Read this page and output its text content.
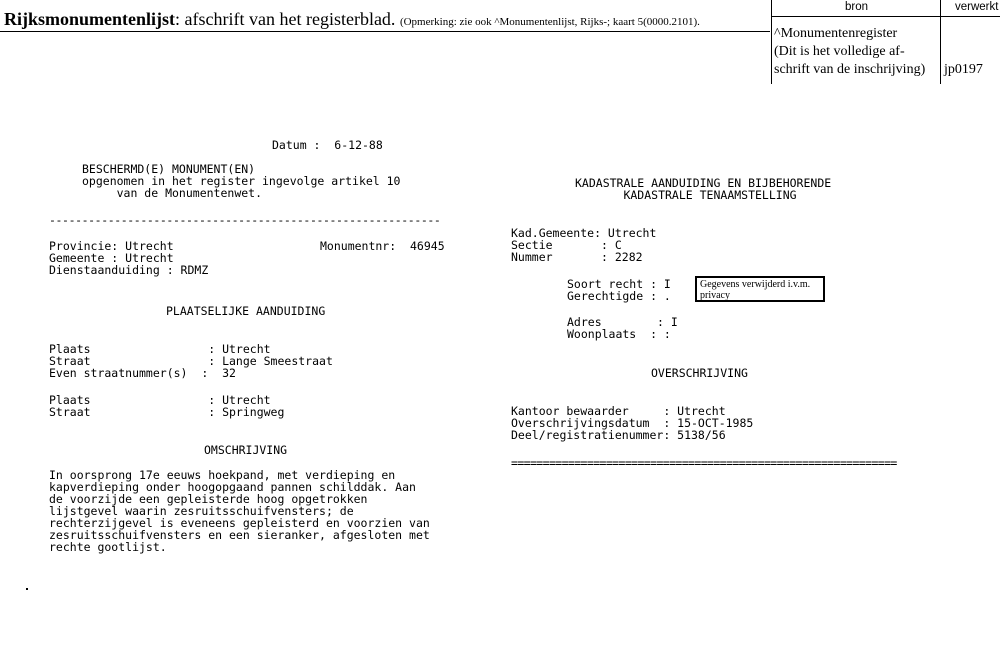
Rijksmonumentenlijst: afschrift van het registerblad. (Opmerking: zie ook ^Monumentenlijst, Rijks-; kaart 5(0000.2101).
bron	verwerkt
^Monumentenregister
(Dit is het volledige af-
schrift van de inschrijving) jp0197
Datum :  6-12-88
BESCHERMD(E) MONUMENT(EN)
opgenomen in het register ingevolge artikel 10
van de Monumentenwet.
------------------------------------------------------------
Provincie: Utrecht
Gemeente : Utrecht
Dienstaanduiding : RDMZ
Monumentnr:  46945
PLAATSELIJKE AANDUIDING
Plaats                 : Utrecht
Straat                 : Lange Smeestraat
Even straatnummer(s)  :  32
Plaats                 : Utrecht
Straat                 : Springweg
OMSCHRIJVING
In oorsprong 17e eeuws hoekpand, met verdieping en
kapverdieping onder hoogopgaand pannen schilddak. Aan
de voorzijde een gepleisterde hoog opgetrokken
lijstgevel waarin zesruitsschuifvensters; de
rechterzijgevel is eveneens gepleisterd en voorzien van
zesruitsschuifvensters en een sieranker, afgesloten met
rechte gootlijst.
KADASTRALE AANDUIDING EN BIJBEHORENDE
KADASTRALE TENAAMSTELLING
Kad.Gemeente: Utrecht
Sectie       : C
Nummer       : 2282
Soort recht : I
Gerechtigde : .
Adres        : I
Woonplaats  : :
Gegevens verwijderd i.v.m.
privacy
OVERSCHRIJVING
Kantoor bewaarder     : Utrecht
Overschrijvingsdatum  : 15-OCT-1985
Deel/registratienummer: 5138/56
=============================================================
